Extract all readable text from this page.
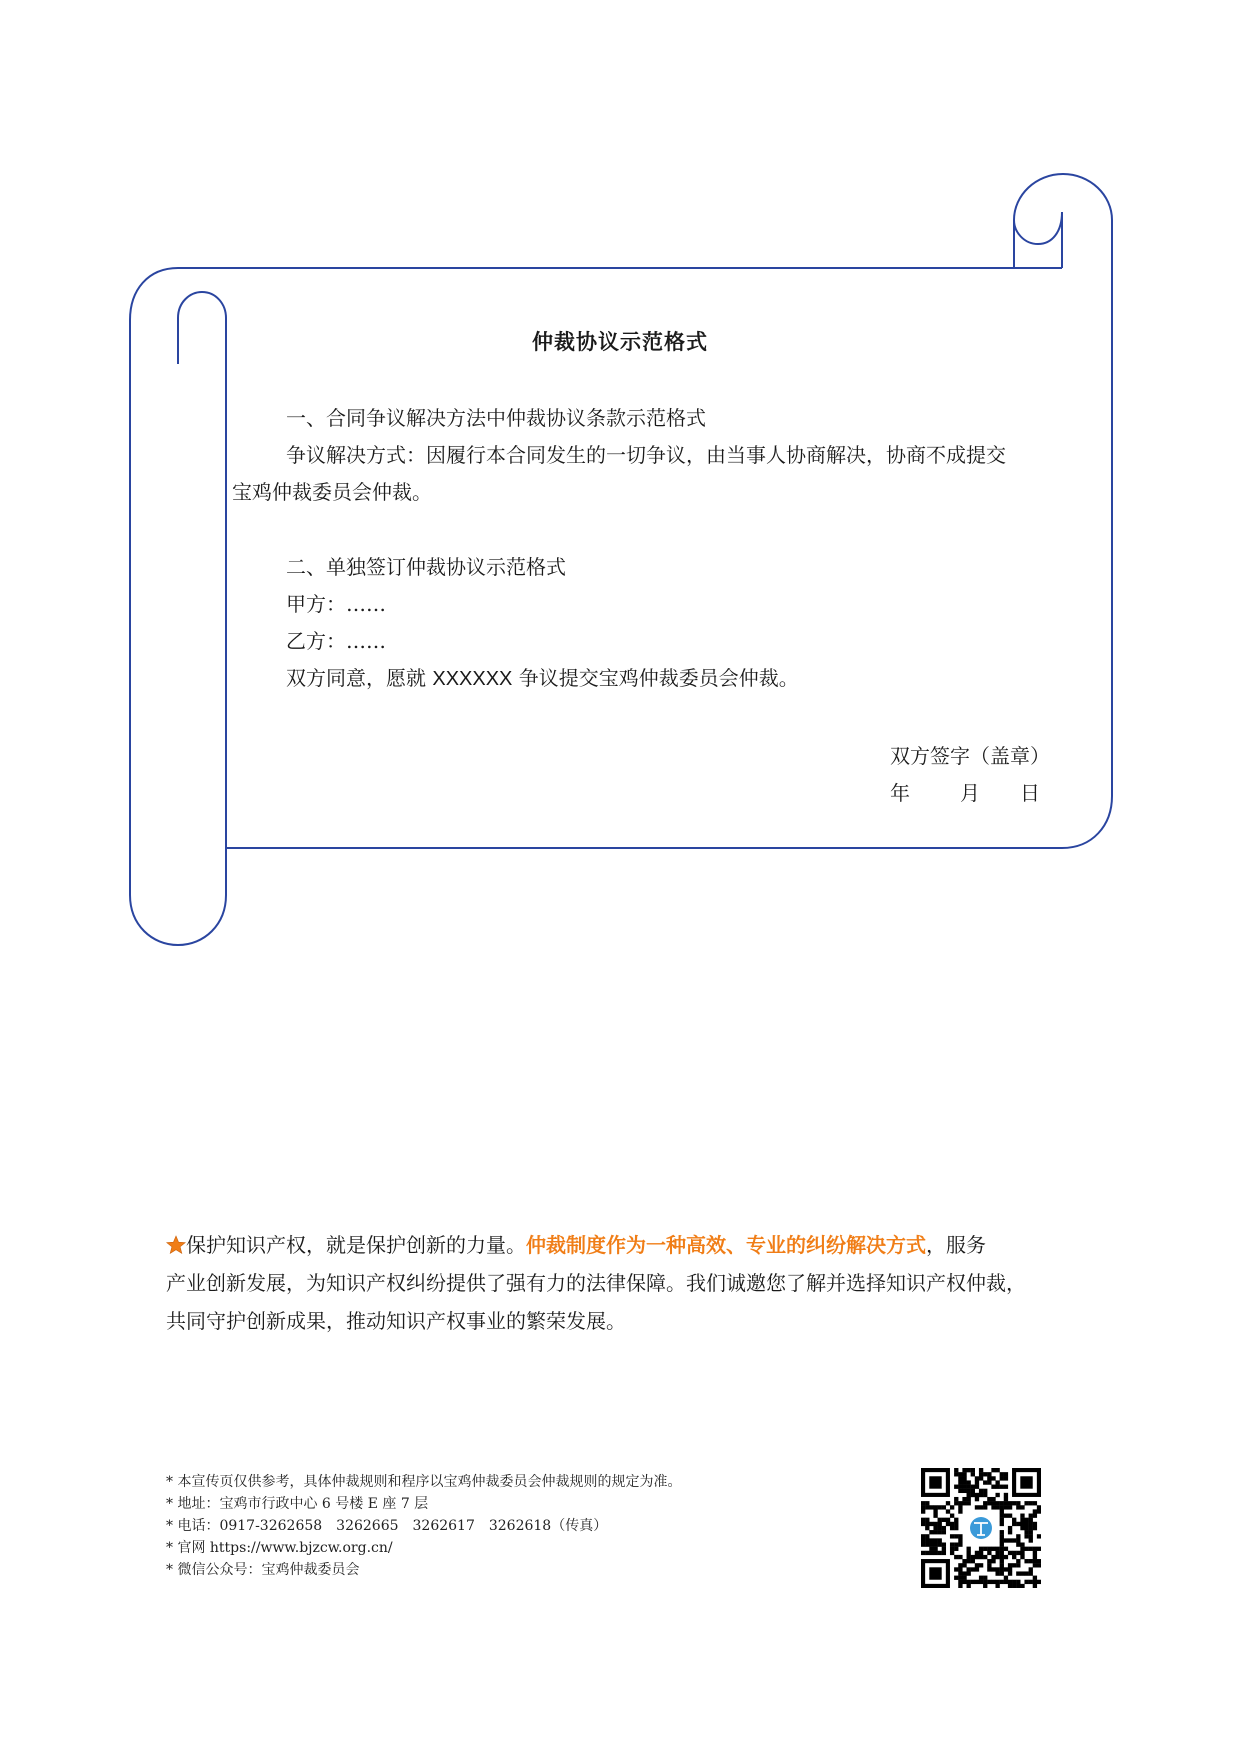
仲裁协议示范格式

一、合同争议解决方法中仲裁协议条款示范格式

争议解决方式：因履行本合同发生的一切争议，由当事人协商解决，协商不成提交

宝鸡仲裁委员会仲裁。

二、单独签订仲裁协议示范格式

甲方：……

乙方：……

双方同意，愿就 XXXXXX 争议提交宝鸡仲裁委员会仲裁。

双方签字（盖章）

年	月 日

保护知识产权，就是保护创新的力量。仲裁制度作为一种高效、专业的纠纷解决方式，服务

产业创新发展，为知识产权纠纷提供了强有力的法律保障。我们诚邀您了解并选择知识产权仲裁，

共同守护创新成果，推动知识产权事业的繁荣发展。

* 本宣传页仅供参考，具体仲裁规则和程序以宝鸡仲裁委员会仲裁规则的规定为准。

* 地址：宝鸡市行政中心 6 号楼 E 座 7 层

* 电话：0917-3262658　3262665　3262617　3262618（传真）

* 官网 https://www.bjzcw.org.cn/

* 微信公众号：宝鸡仲裁委员会
